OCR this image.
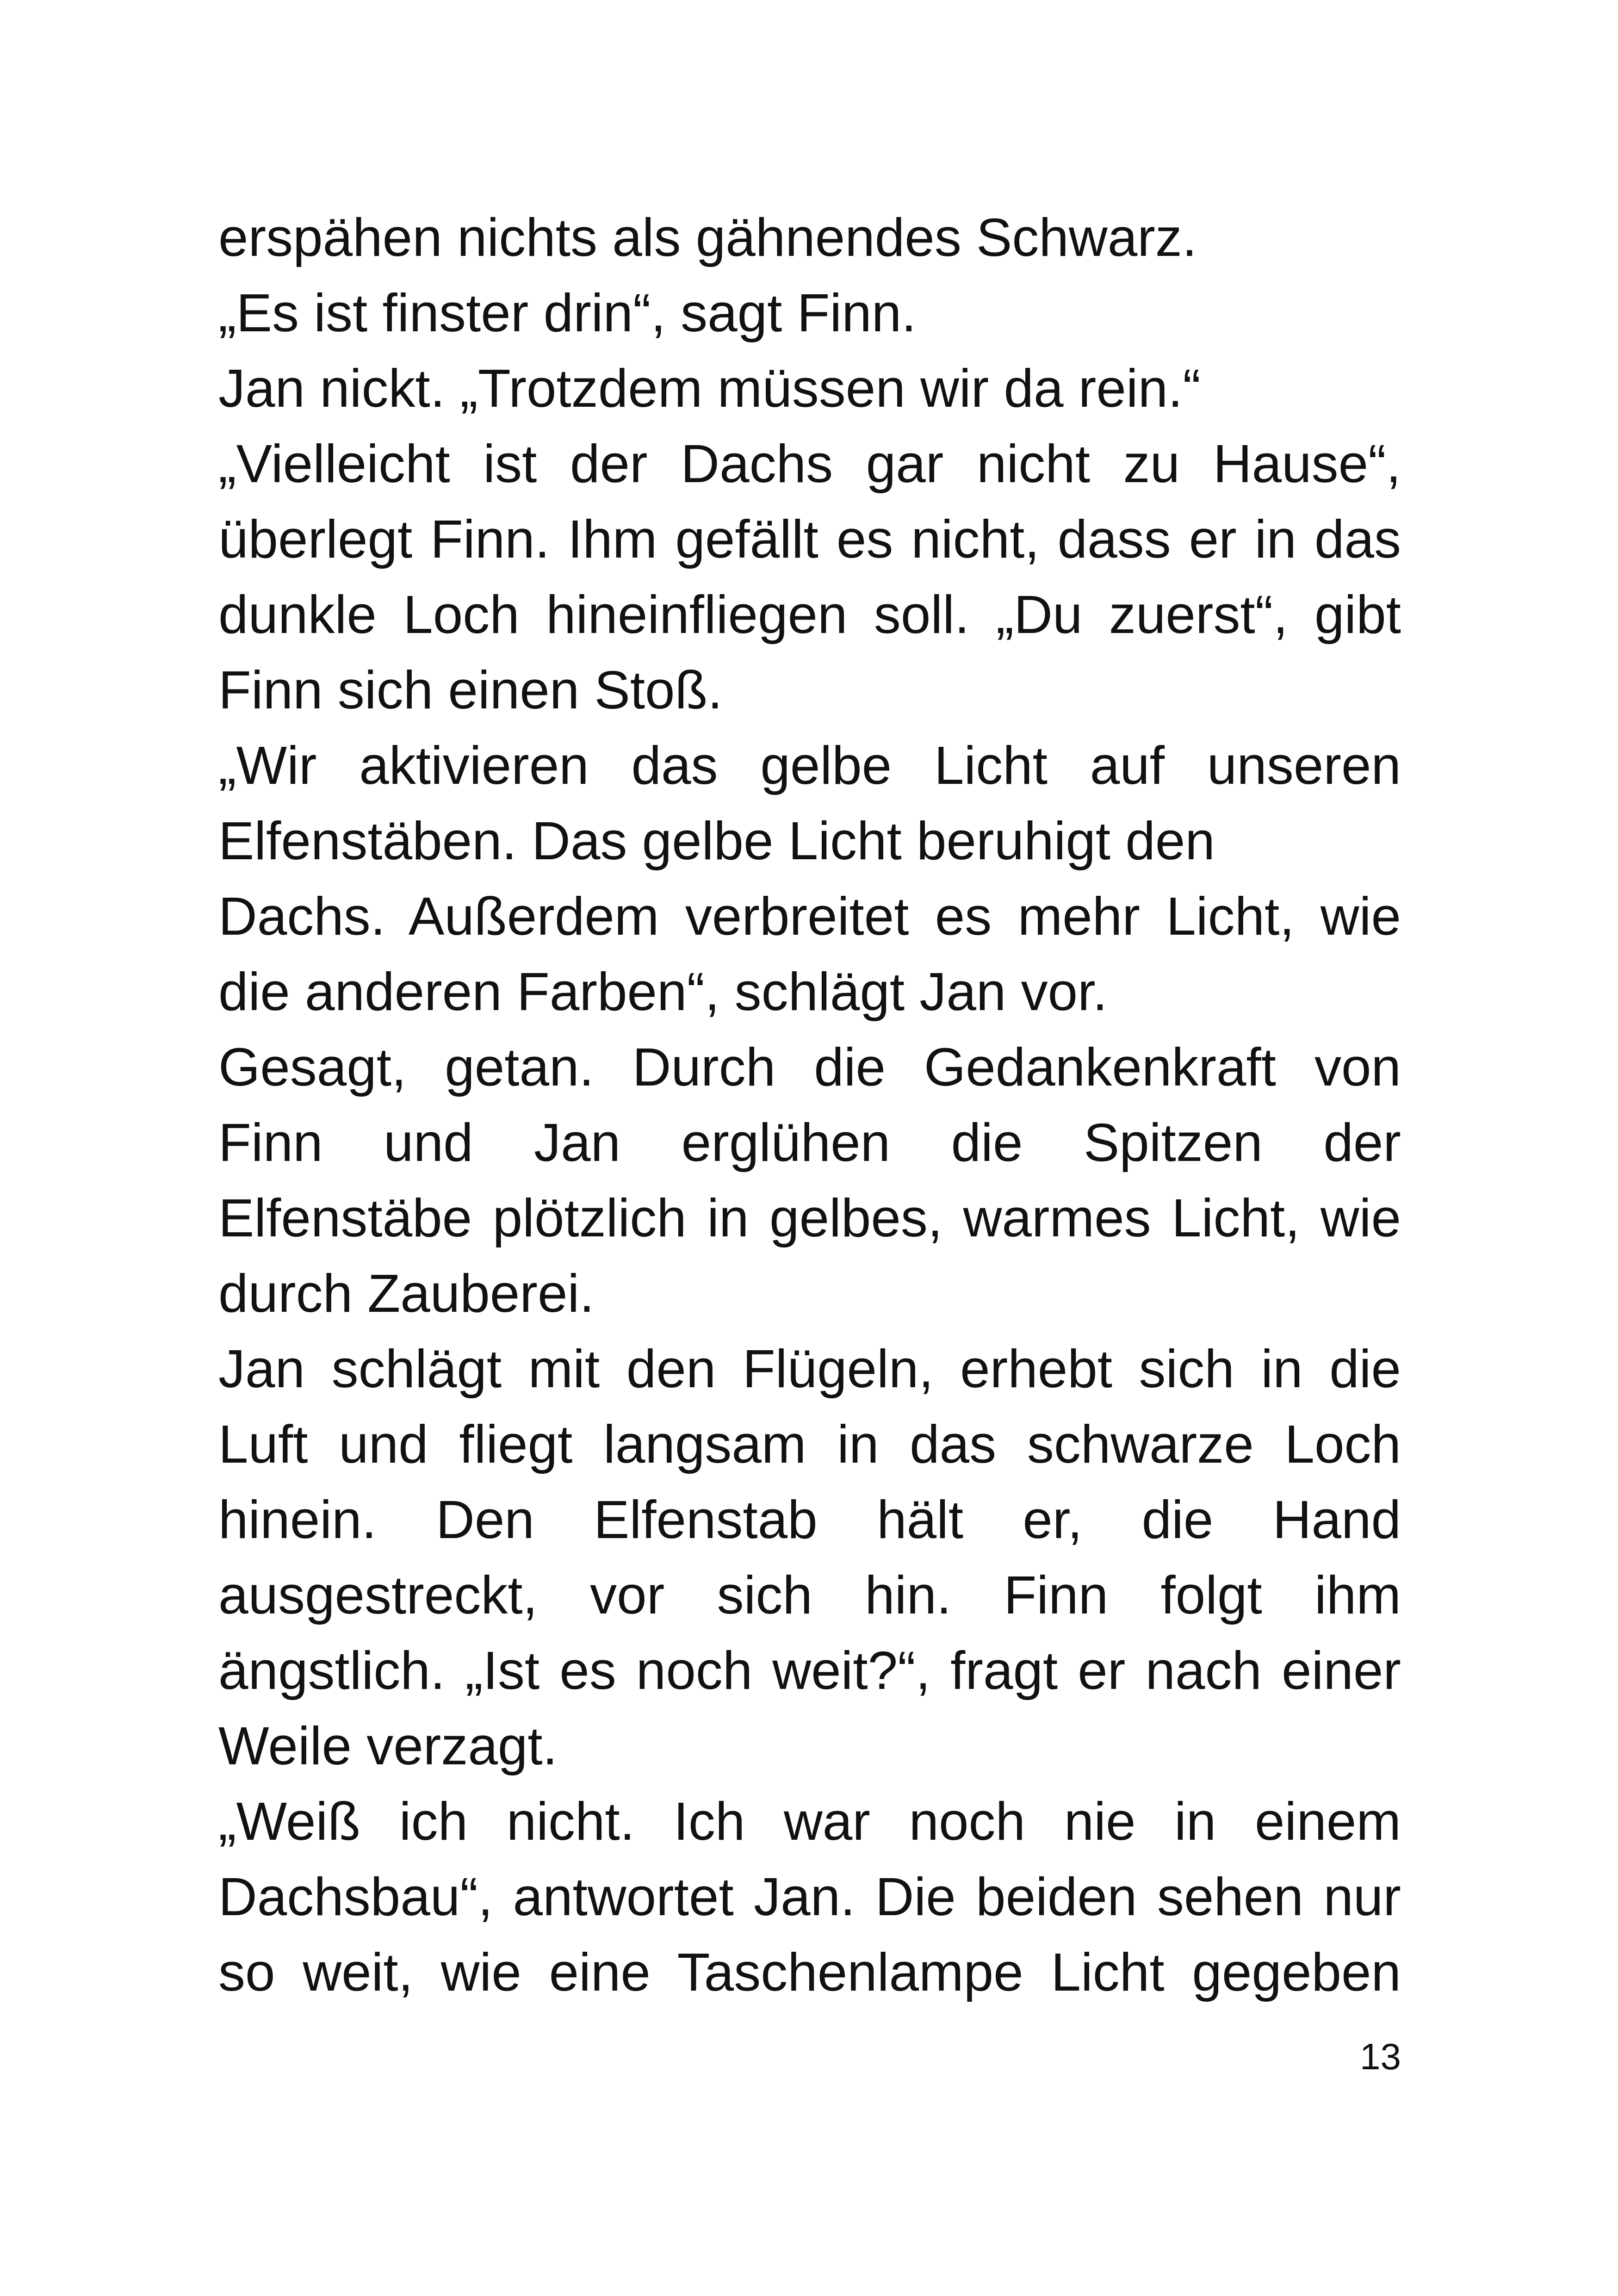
erspähen nichts als gähnendes Schwarz.
„Es ist finster drin“, sagt Finn.
Jan nickt. „Trotzdem müssen wir da rein.“
„Vielleicht ist der Dachs gar nicht zu Hause“,
überlegt Finn. Ihm gefällt es nicht, dass er in das
dunkle Loch hineinfliegen soll. „Du zuerst“, gibt
Finn sich einen Stoß.
„Wir aktivieren das gelbe Licht auf unseren
Elfenstäben. Das gelbe Licht beruhigt den
Dachs. Außerdem verbreitet es mehr Licht, wie
die anderen Farben“, schlägt Jan vor.
Gesagt, getan. Durch die Gedankenkraft von
Finn und Jan erglühen die Spitzen der
Elfenstäbe plötzlich in gelbes, warmes Licht, wie
durch Zauberei.
Jan schlägt mit den Flügeln, erhebt sich in die
Luft und fliegt langsam in das schwarze Loch
hinein. Den Elfenstab hält er, die Hand
ausgestreckt, vor sich hin. Finn folgt ihm
ängstlich. „Ist es noch weit?“, fragt er nach einer
Weile verzagt.
„Weiß ich nicht. Ich war noch nie in einem
Dachsbau“, antwortet Jan. Die beiden sehen nur
so weit, wie eine Taschenlampe Licht gegeben
13
